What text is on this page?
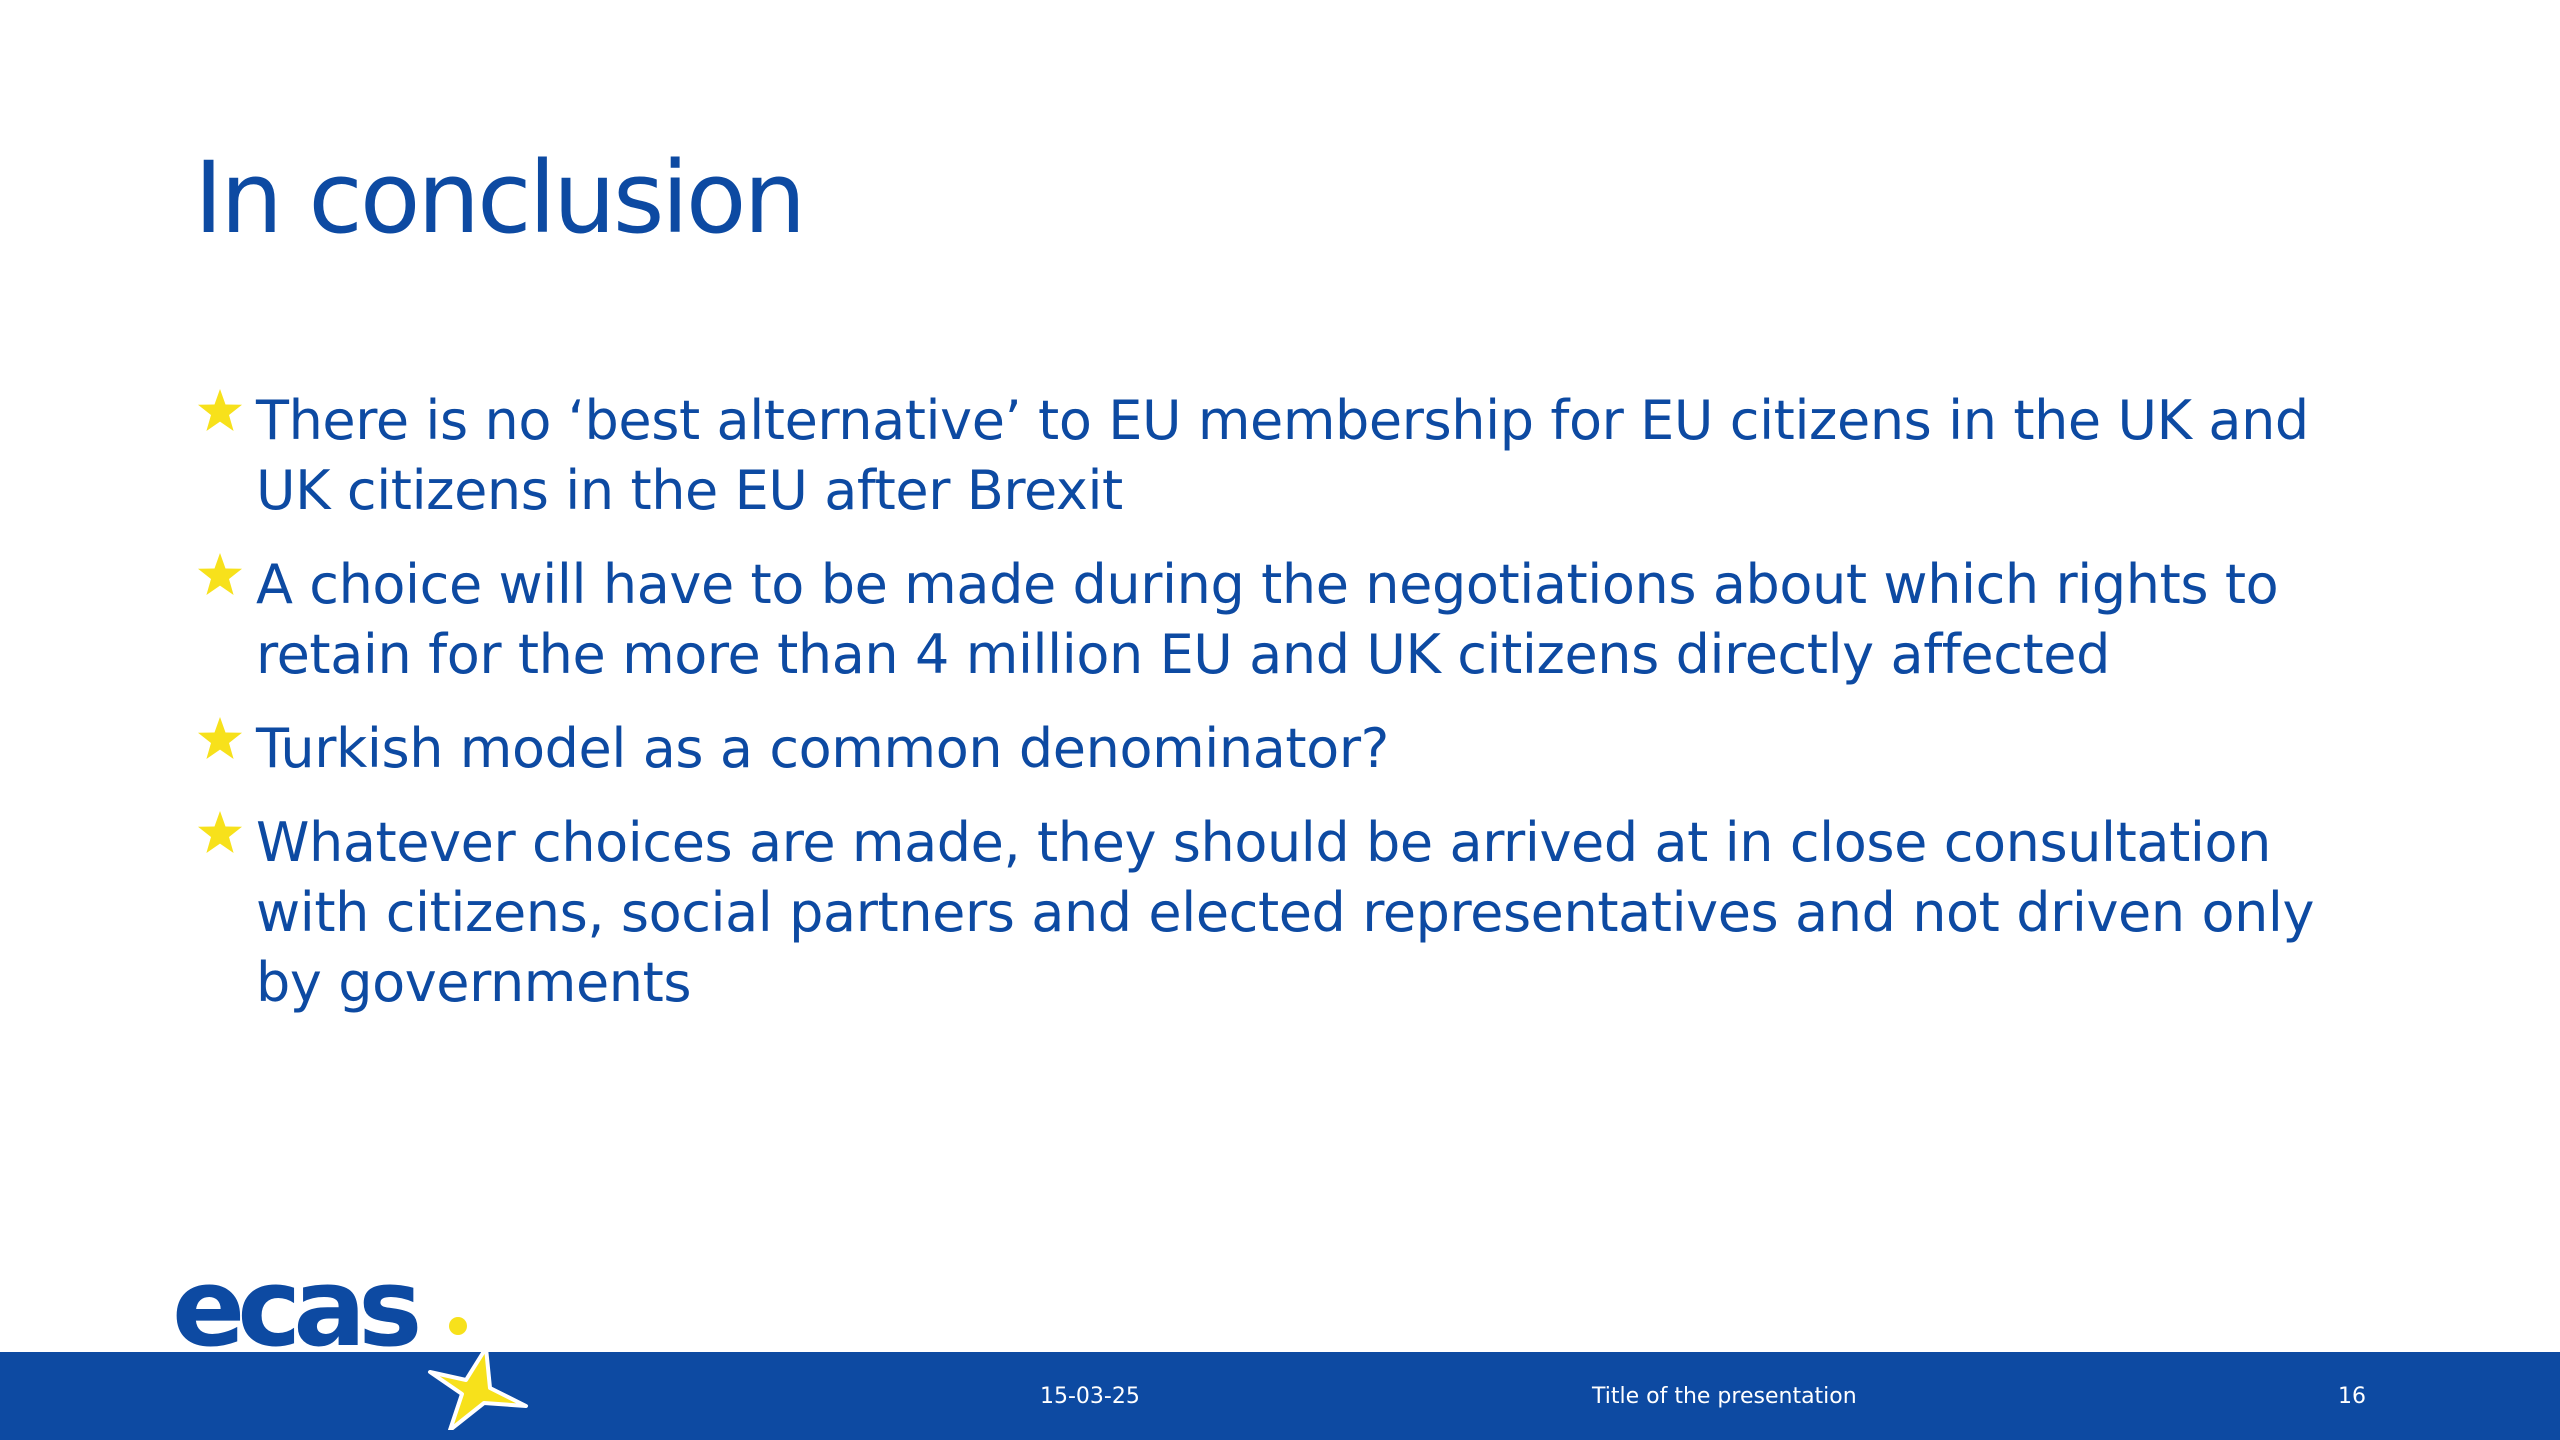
In conclusion
There is no ‘best alternative’ to EU membership for EU citizens in the UK and UK citizens in the EU after Brexit
A choice will have to be made during the negotiations about which rights to retain for the more than 4 million EU and UK citizens directly affected
Turkish model as a common denominator?
Whatever choices are made, they should be arrived at in close consultation with citizens, social partners and elected representatives and not driven only by governments
ecas
15-03-25	Title of the presentation	16
